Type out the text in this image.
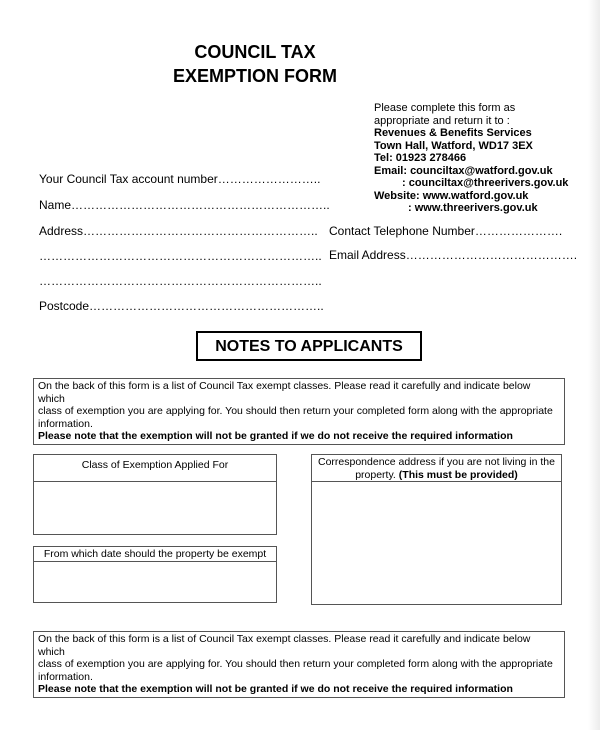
COUNCIL TAX
EXEMPTION FORM
Please complete this form as
appropriate and return it to :
Revenues & Benefits Services
Town Hall, Watford, WD17 3EX
Tel: 01923 278466
Email: counciltax@watford.gov.uk
: counciltax@threerivers.gov.uk
Website: www.watford.gov.uk
: www.threerivers.gov.uk
Your Council Tax account number……………………..
Name………………………………………………………..
Address…………………………………………………..
……………………………………………………………..
……………………………………………………………..
Postcode…………………………………………………..
Contact Telephone Number………………….
Email Address…………………………………….
NOTES TO APPLICANTS
On the back of this form is a list of Council Tax exempt classes. Please read it carefully and indicate below which
class of exemption you are applying for. You should then return your completed form along with the appropriate
information.
Please note that the exemption will not be granted if we do not receive the required information
Class of Exemption Applied For
From which date should the property be exempt
Correspondence address if you are not living in the
property. (This must be provided)
On the back of this form is a list of Council Tax exempt classes. Please read it carefully and indicate below which
class of exemption you are applying for. You should then return your completed form along with the appropriate
information.
Please note that the exemption will not be granted if we do not receive the required information
